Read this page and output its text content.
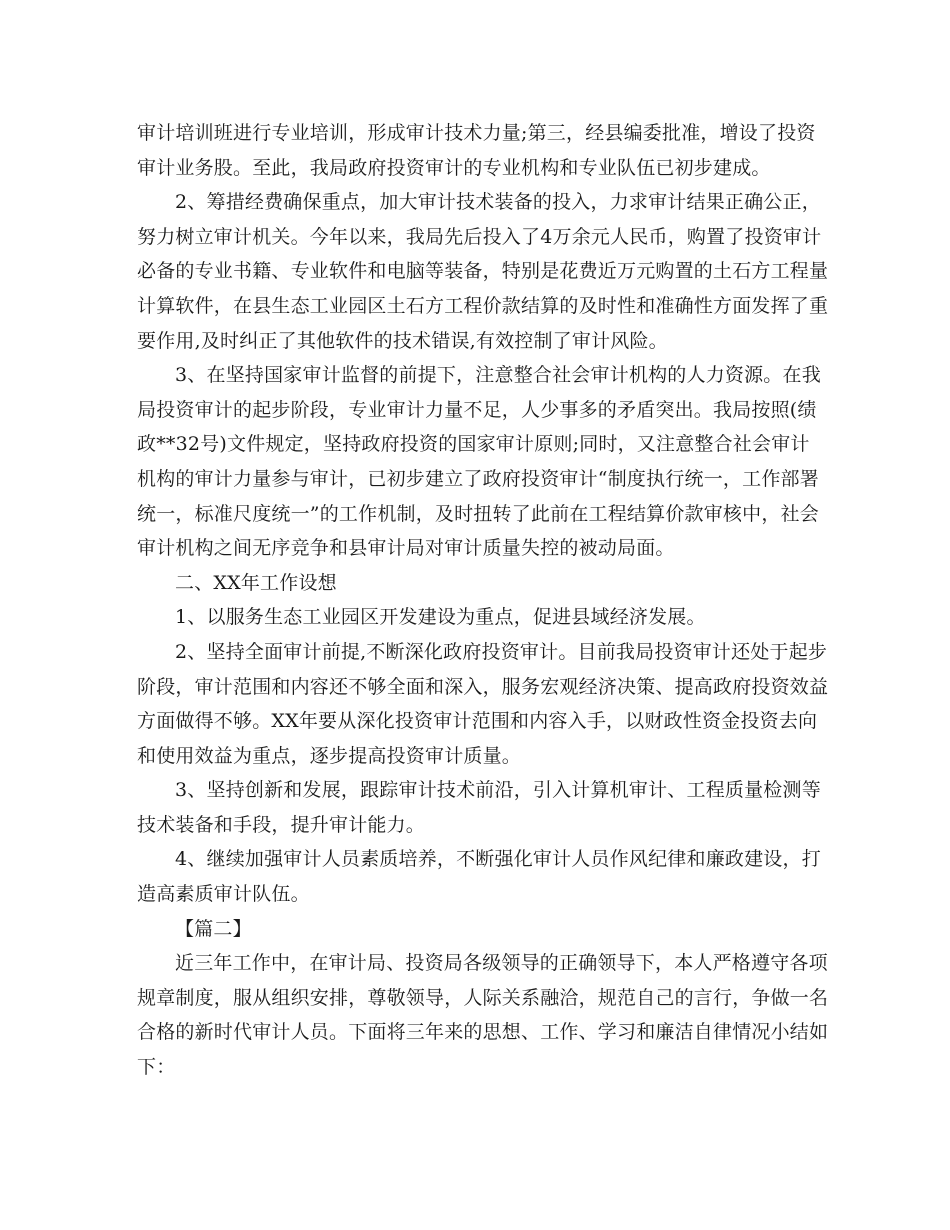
审计培训班进行专业培训，形成审计技术力量;第三，经县编委批准，增设了投资
审计业务股。至此，我局政府投资审计的专业机构和专业队伍已初步建成。
2、筹措经费确保重点，加大审计技术装备的投入，力求审计结果正确公正，
努力树立审计机关。今年以来，我局先后投入了4万余元人民币，购置了投资审计
必备的专业书籍、专业软件和电脑等装备，特别是花费近万元购置的土石方工程量
计算软件，在县生态工业园区土石方工程价款结算的及时性和准确性方面发挥了重
要作用,及时纠正了其他软件的技术错误,有效控制了审计风险。
3、在坚持国家审计监督的前提下，注意整合社会审计机构的人力资源。在我
局投资审计的起步阶段，专业审计力量不足，人少事多的矛盾突出。我局按照(绩
政**32号)文件规定，坚持政府投资的国家审计原则;同时，又注意整合社会审计
机构的审计力量参与审计，已初步建立了政府投资审计“制度执行统一，工作部署
统一，标准尺度统一”的工作机制，及时扭转了此前在工程结算价款审核中，社会
审计机构之间无序竞争和县审计局对审计质量失控的被动局面。
二、XX年工作设想
1、以服务生态工业园区开发建设为重点，促进县域经济发展。
2、坚持全面审计前提,不断深化政府投资审计。目前我局投资审计还处于起步
阶段，审计范围和内容还不够全面和深入，服务宏观经济决策、提高政府投资效益
方面做得不够。XX年要从深化投资审计范围和内容入手，以财政性资金投资去向
和使用效益为重点，逐步提高投资审计质量。
3、坚持创新和发展，跟踪审计技术前沿，引入计算机审计、工程质量检测等
技术装备和手段，提升审计能力。
4、继续加强审计人员素质培养，不断强化审计人员作风纪律和廉政建设，打
造高素质审计队伍。
【篇二】
近三年工作中，在审计局、投资局各级领导的正确领导下，本人严格遵守各项
规章制度，服从组织安排，尊敬领导，人际关系融洽，规范自己的言行，争做一名
合格的新时代审计人员。下面将三年来的思想、工作、学习和廉洁自律情况小结如
下：
